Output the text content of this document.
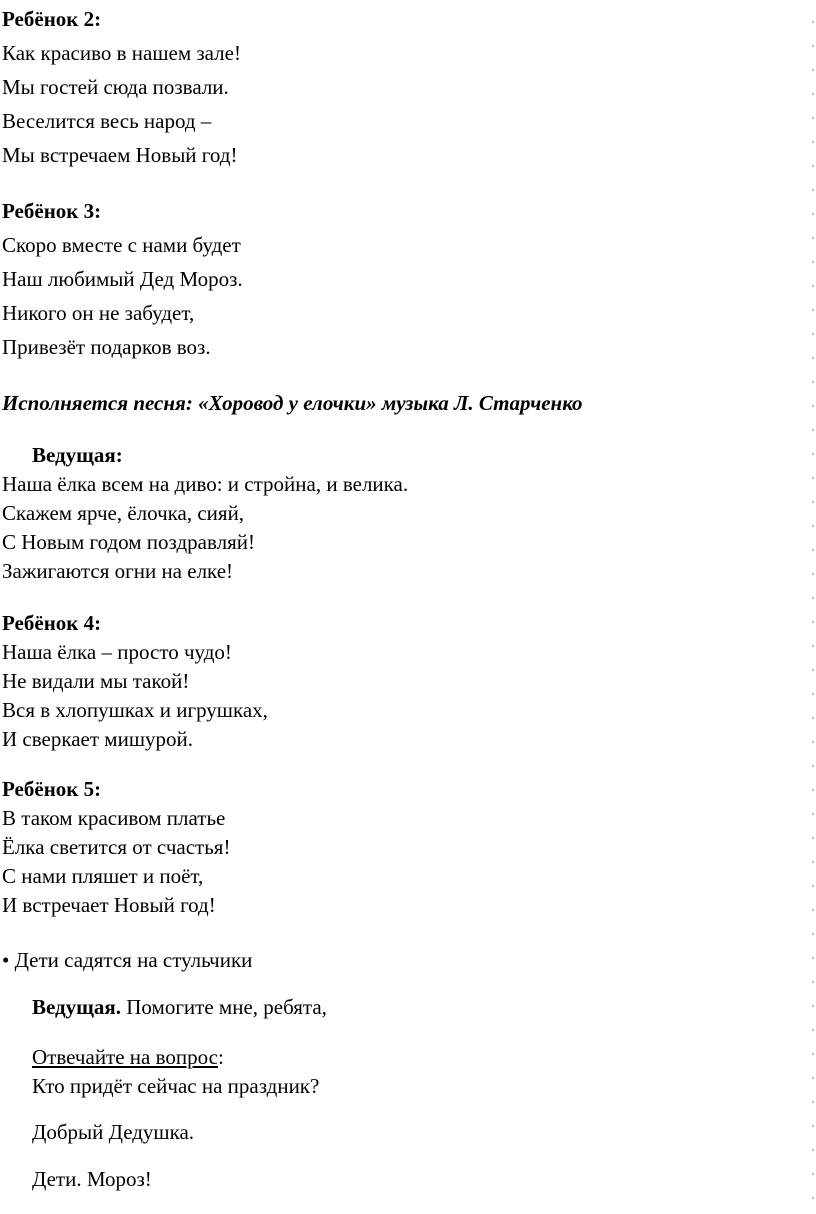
Ребёнок 2:
Как красиво в нашем зале!
Мы гостей сюда позвали.
Веселится весь народ –
Мы встречаем Новый год!
Ребёнок 3:
Скоро вместе с нами будет
Наш любимый Дед Мороз.
Никого он не забудет,
Привезёт подарков воз.
Исполняется песня: «Хоровод у елочки» музыка Л. Старченко
Ведущая:
Наша ёлка всем на диво: и стройна, и велика.
Скажем ярче, ёлочка, сияй,
С Новым годом поздравляй!
Зажигаются огни на елке!
Ребёнок 4:
Наша ёлка – просто чудо!
Не видали мы такой!
Вся в хлопушках и игрушках,
И сверкает мишурой.
Ребёнок 5:
В таком красивом платье
Ёлка светится от счастья!
С нами пляшет и поёт,
И встречает Новый год!
• Дети садятся на стульчики
Ведущая. Помогите мне, ребята,
Отвечайте на вопрос:
Кто придёт сейчас на праздник?
Добрый Дедушка.
Дети. Мороз!
